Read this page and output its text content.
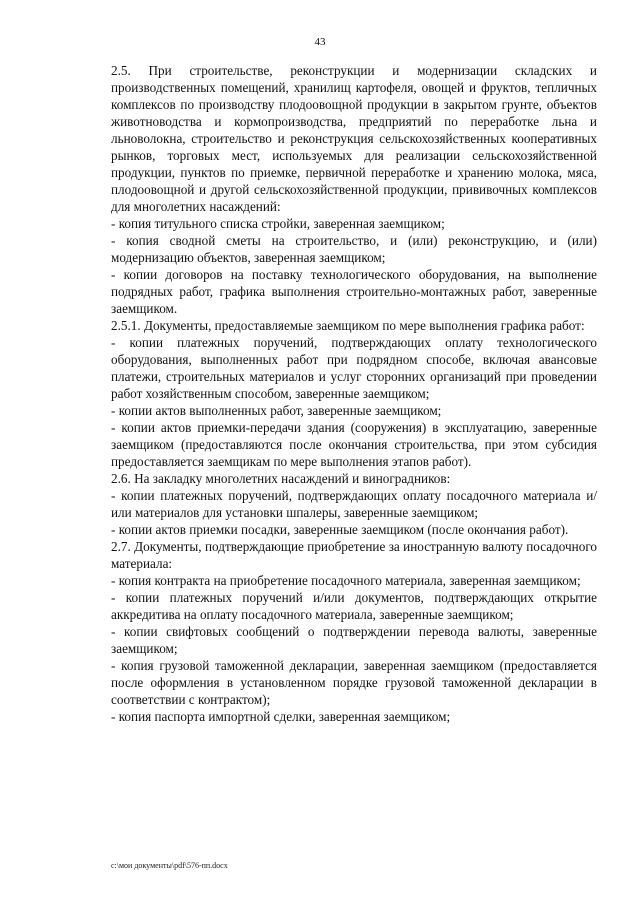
43

2.5. При строительстве, реконструкции и модернизации складских и производственных помещений, хранилищ картофеля, овощей и фруктов, тепличных комплексов по производству плодоовощной продукции в закрытом грунте, объектов животноводства и кормопроизводства, предприятий по переработке льна и льноволокна, строительство и реконструкция сельскохозяйственных кооперативных рынков, торговых мест, используемых для реализации сельскохозяйственной продукции, пунктов по приемке, первичной переработке и хранению молока, мяса, плодоовощной и другой сельскохозяйственной продукции, прививочных комплексов для многолетних насаждений:

- копия титульного списка стройки, заверенная заемщиком;

- копия сводной сметы на строительство, и (или) реконструкцию, и (или) модернизацию объектов, заверенная заемщиком;

- копии договоров на поставку технологического оборудования, на выполнение подрядных работ, графика выполнения строительно-монтажных работ, заверенные заемщиком.

2.5.1. Документы, предоставляемые заемщиком по мере выполнения графика работ:

- копии платежных поручений, подтверждающих оплату технологического оборудования, выполненных работ при подрядном способе, включая авансовые платежи, строительных материалов и услуг сторонних организаций при проведении работ хозяйственным способом, заверенные заемщиком;

- копии актов выполненных работ, заверенные заемщиком;

- копии актов приемки-передачи здания (сооружения) в эксплуатацию, заверенные заемщиком (предоставляются после окончания строительства, при этом субсидия предоставляется заемщикам по мере выполнения этапов работ).

2.6. На закладку многолетних насаждений и виноградников:

- копии платежных поручений, подтверждающих оплату посадочного материала и/или материалов для установки шпалеры, заверенные заемщиком;

- копии актов приемки посадки, заверенные заемщиком (после окончания работ).

2.7. Документы, подтверждающие приобретение за иностранную валюту посадочного материала:

- копия контракта на приобретение посадочного материала, заверенная заемщиком;

- копии платежных поручений и/или документов, подтверждающих открытие аккредитива на оплату посадочного материала, заверенные заемщиком;

- копии свифтовых сообщений о подтверждении перевода валюты, заверенные заемщиком;

- копия грузовой таможенной декларации, заверенная заемщиком (предоставляется после оформления в установленном порядке грузовой таможенной декларации в соответствии с контрактом);

- копия паспорта импортной сделки, заверенная заемщиком;

c:\мои документы\pdf\576-пп.docx
